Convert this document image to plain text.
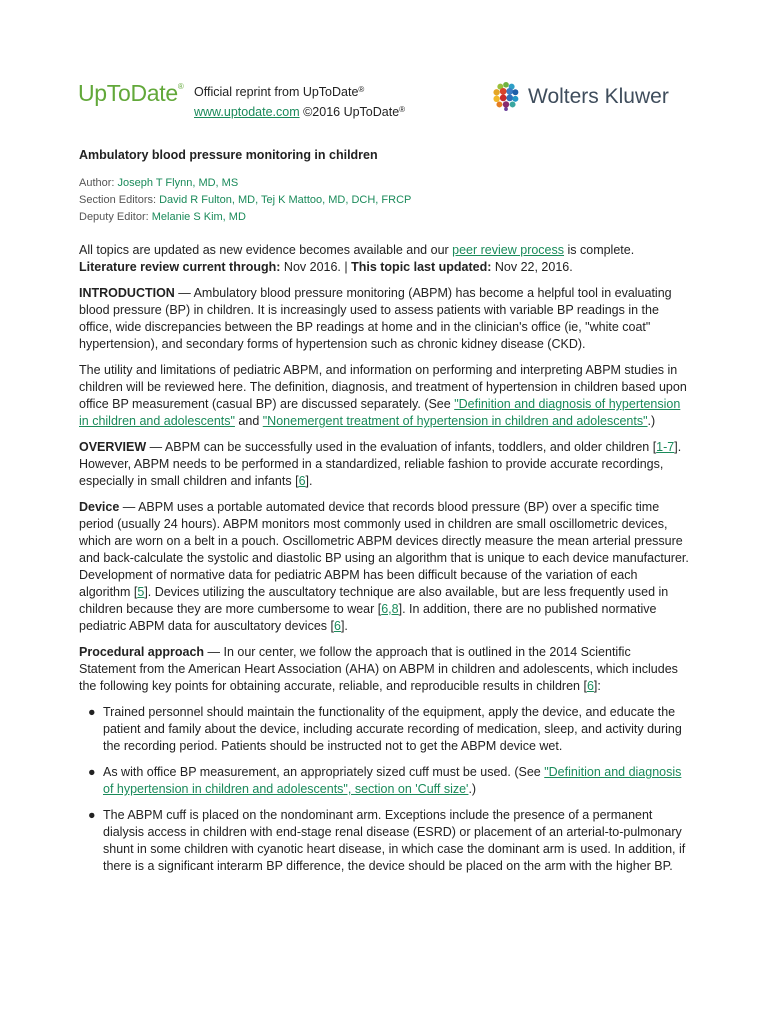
UpToDate® Official reprint from UpToDate®
www.uptodate.com ©2016 UpToDate®
Wolters Kluwer
Ambulatory blood pressure monitoring in children
Author: Joseph T Flynn, MD, MS
Section Editors: David R Fulton, MD, Tej K Mattoo, MD, DCH, FRCP
Deputy Editor: Melanie S Kim, MD

All topics are updated as new evidence becomes available and our peer review process is complete.
Literature review current through: Nov 2016. | This topic last updated: Nov 22, 2016.

INTRODUCTION — Ambulatory blood pressure monitoring (ABPM) has become a helpful tool in evaluating blood pressure (BP) in children. It is increasingly used to assess patients with variable BP readings in the office, wide discrepancies between the BP readings at home and in the clinician's office (ie, "white coat" hypertension), and secondary forms of hypertension such as chronic kidney disease (CKD).

The utility and limitations of pediatric ABPM, and information on performing and interpreting ABPM studies in children will be reviewed here. The definition, diagnosis, and treatment of hypertension in children based upon office BP measurement (casual BP) are discussed separately. (See "Definition and diagnosis of hypertension in children and adolescents" and "Nonemergent treatment of hypertension in children and adolescents".)

OVERVIEW — ABPM can be successfully used in the evaluation of infants, toddlers, and older children [1-7]. However, ABPM needs to be performed in a standardized, reliable fashion to provide accurate recordings, especially in small children and infants [6].

Device — ABPM uses a portable automated device that records blood pressure (BP) over a specific time period (usually 24 hours). ABPM monitors most commonly used in children are small oscillometric devices, which are worn on a belt in a pouch. Oscillometric ABPM devices directly measure the mean arterial pressure and back-calculate the systolic and diastolic BP using an algorithm that is unique to each device manufacturer. Development of normative data for pediatric ABPM has been difficult because of the variation of each algorithm [5]. Devices utilizing the auscultatory technique are also available, but are less frequently used in children because they are more cumbersome to wear [6,8]. In addition, there are no published normative pediatric ABPM data for auscultatory devices [6].

Procedural approach — In our center, we follow the approach that is outlined in the 2014 Scientific Statement from the American Heart Association (AHA) on ABPM in children and adolescents, which includes the following key points for obtaining accurate, reliable, and reproducible results in children [6]:

● Trained personnel should maintain the functionality of the equipment, apply the device, and educate the patient and family about the device, including accurate recording of medication, sleep, and activity during the recording period. Patients should be instructed not to get the ABPM device wet.
● As with office BP measurement, an appropriately sized cuff must be used. (See "Definition and diagnosis of hypertension in children and adolescents", section on 'Cuff size'.)
● The ABPM cuff is placed on the nondominant arm. Exceptions include the presence of a permanent dialysis access in children with end-stage renal disease (ESRD) or placement of an arterial-to-pulmonary shunt in some children with cyanotic heart disease, in which case the dominant arm is used. In addition, if there is a significant interarm BP difference, the device should be placed on the arm with the higher BP.
